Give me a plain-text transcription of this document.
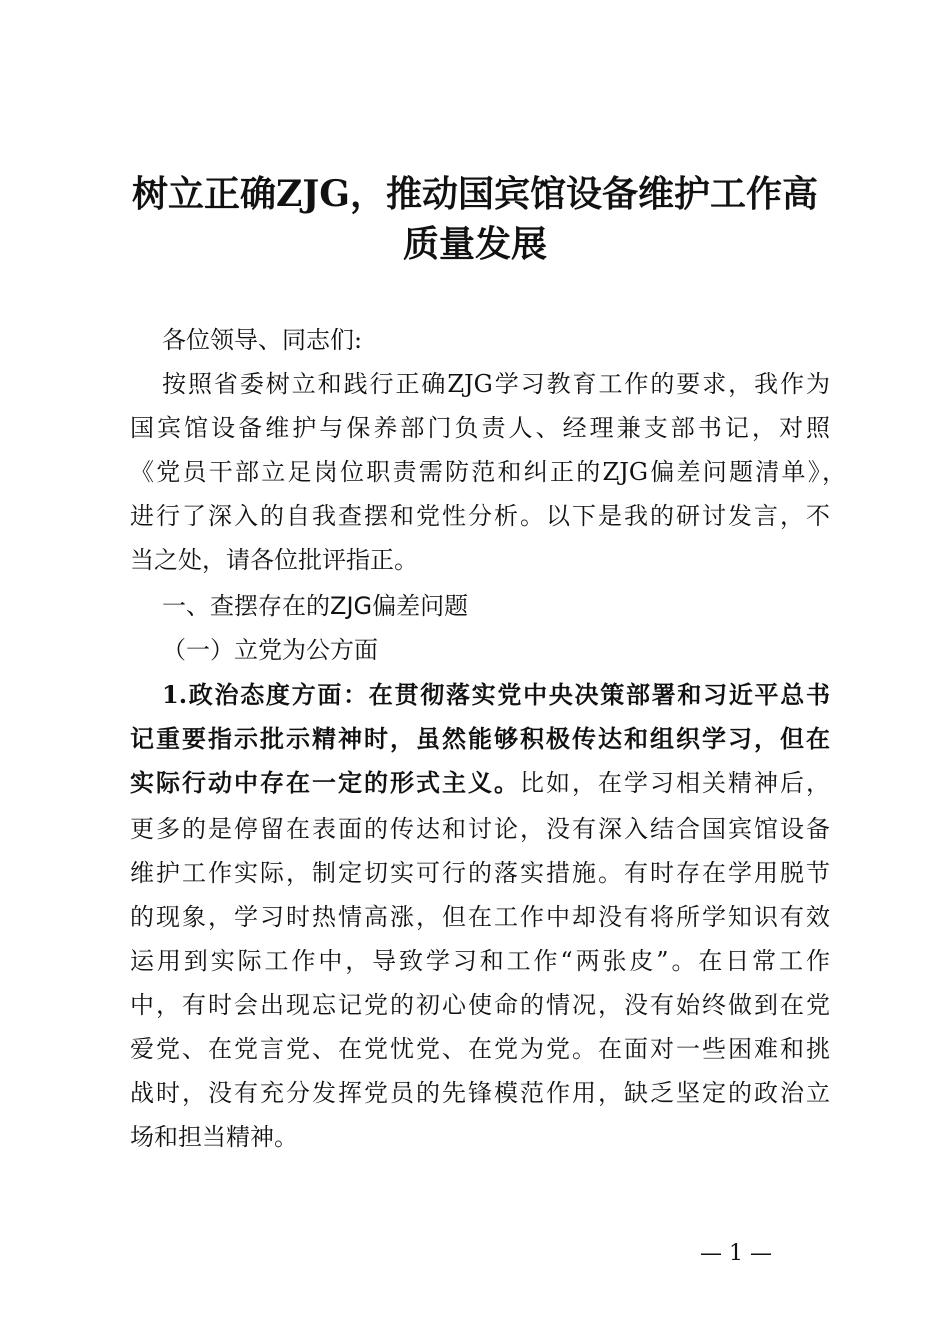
树立正确ZJG，推动国宾馆设备维护工作高
质量发展
各位领导、同志们:
按照省委树立和践行正确ZJG学习教育工作的要求，我作为
国宾馆设备维护与保养部门负责人、经理兼支部书记，对照
《党员干部立足岗位职责需防范和纠正的ZJG偏差问题清单》，
进行了深入的自我查摆和党性分析。以下是我的研讨发言，不
当之处，请各位批评指正。
一、查摆存在的ZJG偏差问题
（一）立党为公方面
1.政治态度方面：在贯彻落实党中央决策部署和习近平总书
记重要指示批示精神时，虽然能够积极传达和组织学习，但在
实际行动中存在一定的形式主义。比如，在学习相关精神后，
更多的是停留在表面的传达和讨论，没有深入结合国宾馆设备
维护工作实际，制定切实可行的落实措施。有时存在学用脱节
的现象，学习时热情高涨，但在工作中却没有将所学知识有效
运用到实际工作中，导致学习和工作“两张皮”。在日常工作
中，有时会出现忘记党的初心使命的情况，没有始终做到在党
爱党、在党言党、在党忧党、在党为党。在面对一些困难和挑
战时，没有充分发挥党员的先锋模范作用，缺乏坚定的政治立
场和担当精神。
— 1 —
